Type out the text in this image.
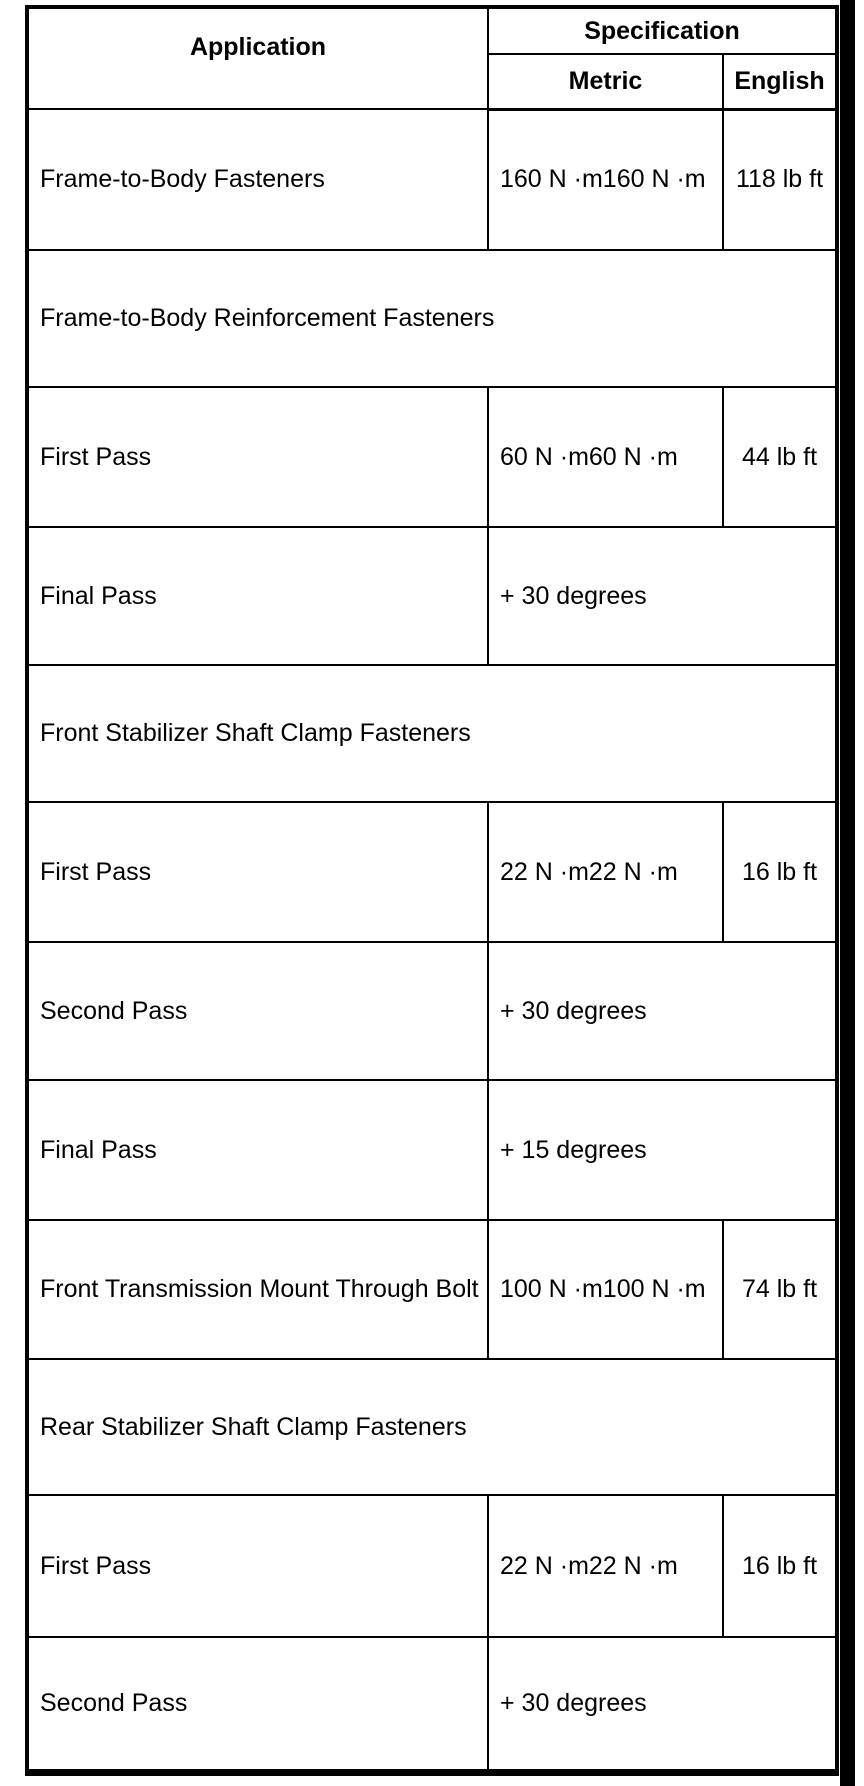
Application	Specification	
	Metric	English
Frame-to-Body Fasteners	160 N ·m160 N ·m	118 lb ft
Frame-to-Body Reinforcement Fasteners		

First Pass	60 N ·m60 N ·m	44 lb ft

Final Pass	+ 30 degrees	
Front Stabilizer Shaft Clamp Fasteners		

First Pass	22 N ·m22 N ·m	16 lb ft

Second Pass	+ 30 degrees	

Final Pass	+ 15 degrees	
Front Transmission Mount Through Bolt	100 N ·m100 N ·m	74 lb ft
Rear Stabilizer Shaft Clamp Fasteners		

First Pass	22 N ·m22 N ·m	16 lb ft

Second Pass	+ 30 degrees	
